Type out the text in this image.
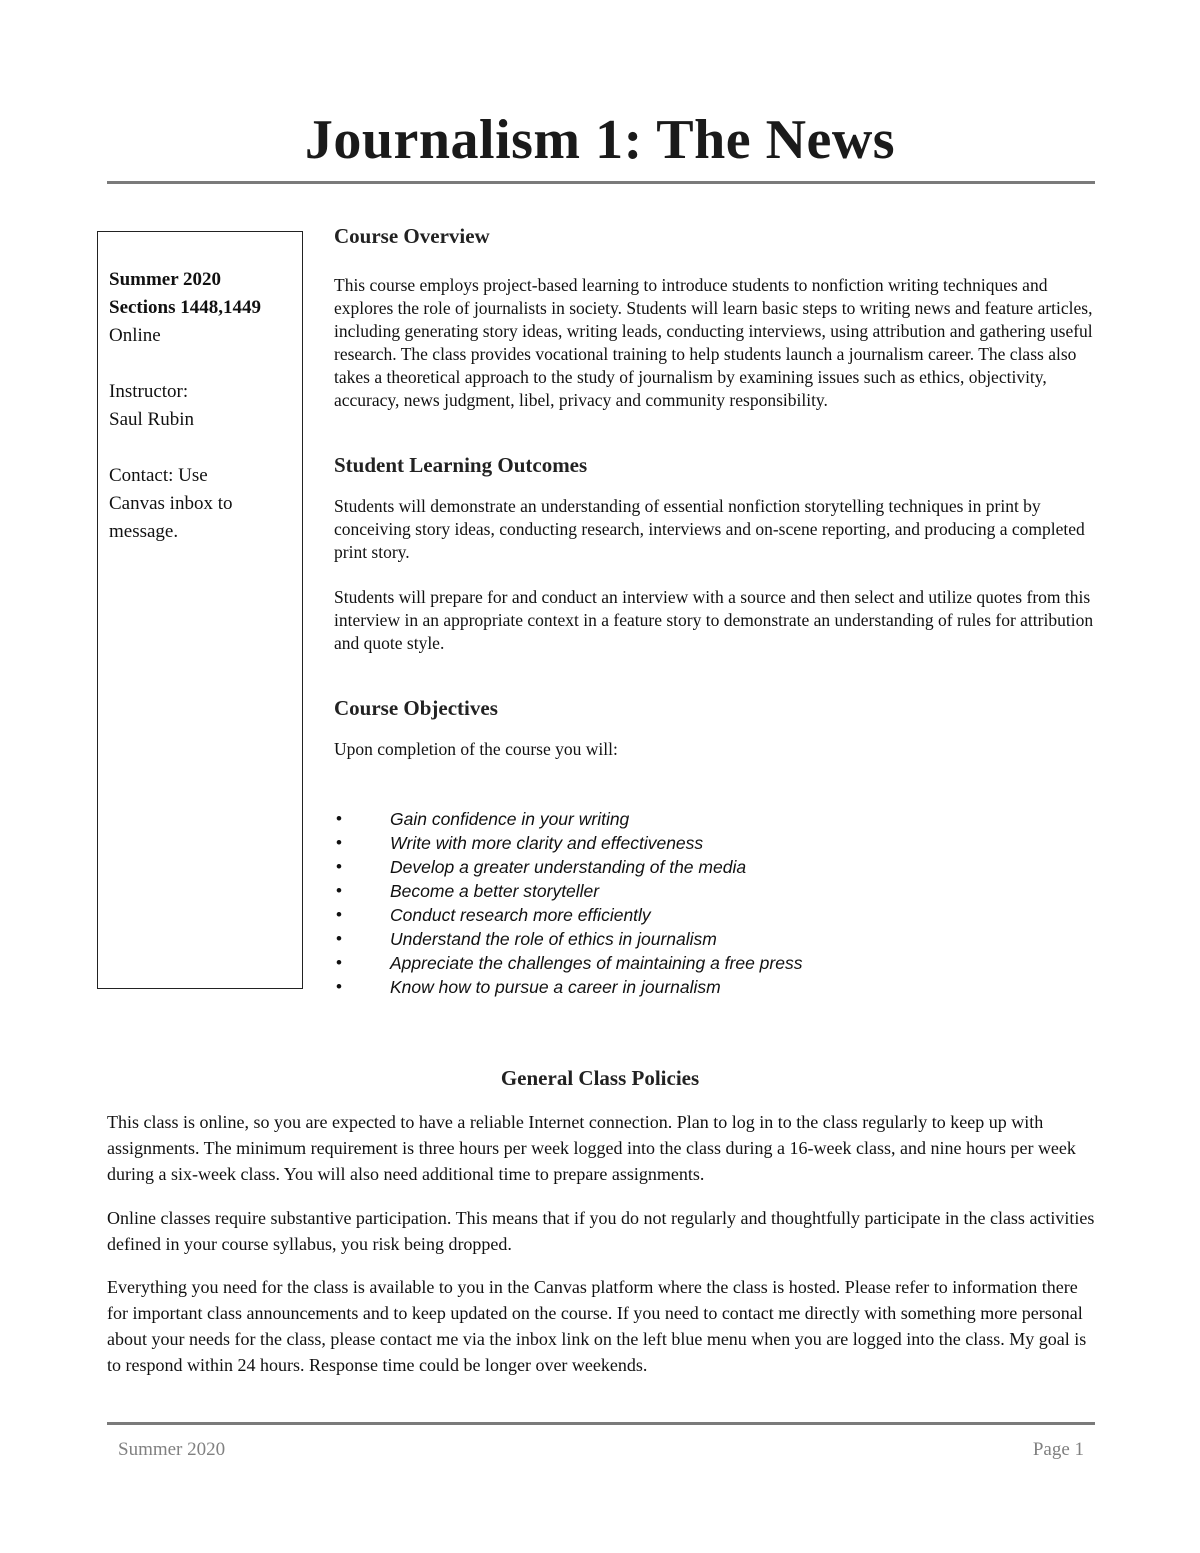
Journalism 1: The News
Summer 2020
Sections 1448,1449
Online
Instructor:
Saul Rubin
Contact: Use
Canvas inbox to
message.
Course Overview

This course employs project-based learning to introduce students to nonfiction writing techniques and explores the role of journalists in society. Students will learn basic steps to writing news and feature articles, including generating story ideas, writing leads, conducting interviews, using attribution and gathering useful research. The class provides vocational training to help students launch a journalism career. The class also takes a theoretical approach to the study of journalism by examining issues such as ethics, objectivity, accuracy, news judgment, libel, privacy and community responsibility.

Student Learning Outcomes

Students will demonstrate an understanding of essential nonfiction storytelling techniques in print by conceiving story ideas, conducting research, interviews and on-scene reporting, and producing a completed print story.

Students will prepare for and conduct an interview with a source and then select and utilize quotes from this interview in an appropriate context in a feature story to demonstrate an understanding of rules for attribution and quote style.

Course Objectives

Upon completion of the course you will:

•	Gain confidence in your writing
•	Write with more clarity and effectiveness
•	Develop a greater understanding of the media
•	Become a better storyteller
•	Conduct research more efficiently
•	Understand the role of ethics in journalism
•	Appreciate the challenges of maintaining a free press
•	Know how to pursue a career in journalism
General Class Policies

This class is online, so you are expected to have a reliable Internet connection. Plan to log in to the class regularly to keep up with assignments. The minimum requirement is three hours per week logged into the class during a 16-week class, and nine hours per week during a six-week class. You will also need additional time to prepare assignments.

Online classes require substantive participation. This means that if you do not regularly and thoughtfully participate in the class activities defined in your course syllabus, you risk being dropped.

Everything you need for the class is available to you in the Canvas platform where the class is hosted. Please refer to information there for important class announcements and to keep updated on the course. If you need to contact me directly with something more personal about your needs for the class, please contact me via the inbox link on the left blue menu when you are logged into the class. My goal is to respond within 24 hours. Response time could be longer over weekends.

Summer 2020	Page 1
